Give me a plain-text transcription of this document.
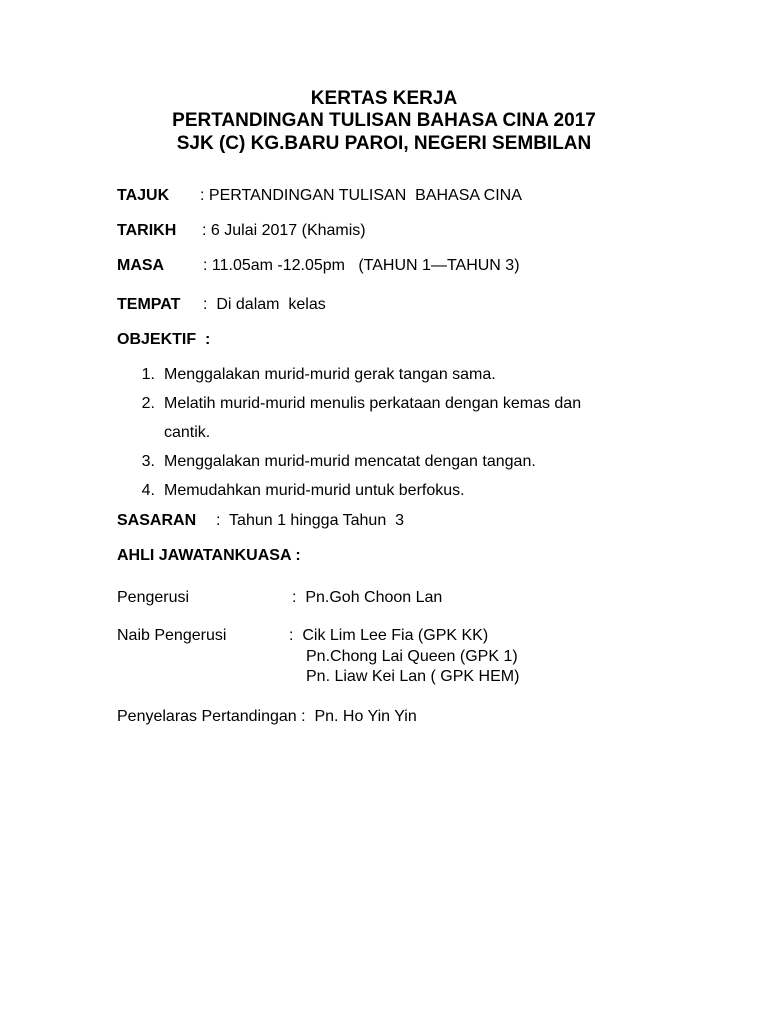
KERTAS KERJA
PERTANDINGAN TULISAN BAHASA CINA 2017
SJK (C) KG.BARU PAROI, NEGERI SEMBILAN
TAJUK : PERTANDINGAN TULISAN  BAHASA CINA
TARIKH : 6 Julai 2017 (Khamis)
MASA : 11.05am -12.05pm   (TAHUN 1—TAHUN 3)
TEMPAT :  Di dalam  kelas
OBJEKTIF  :
1. Menggalakan murid-murid gerak tangan sama.
2. Melatih murid-murid menulis perkataan dengan kemas dan
cantik.
3. Menggalakan murid-murid mencatat dengan tangan.
4. Memudahkan murid-murid untuk berfokus.
SASARAN :  Tahun 1 hingga Tahun  3
AHLI JAWATANKUASA :
Pengerusi	:  Pn.Goh Choon Lan
Naib Pengerusi	:  Cik Lim Lee Fia (GPK KK)
Pn.Chong Lai Queen (GPK 1)
Pn. Liaw Kei Lan ( GPK HEM)
Penyelaras Pertandingan :  Pn. Ho Yin Yin
